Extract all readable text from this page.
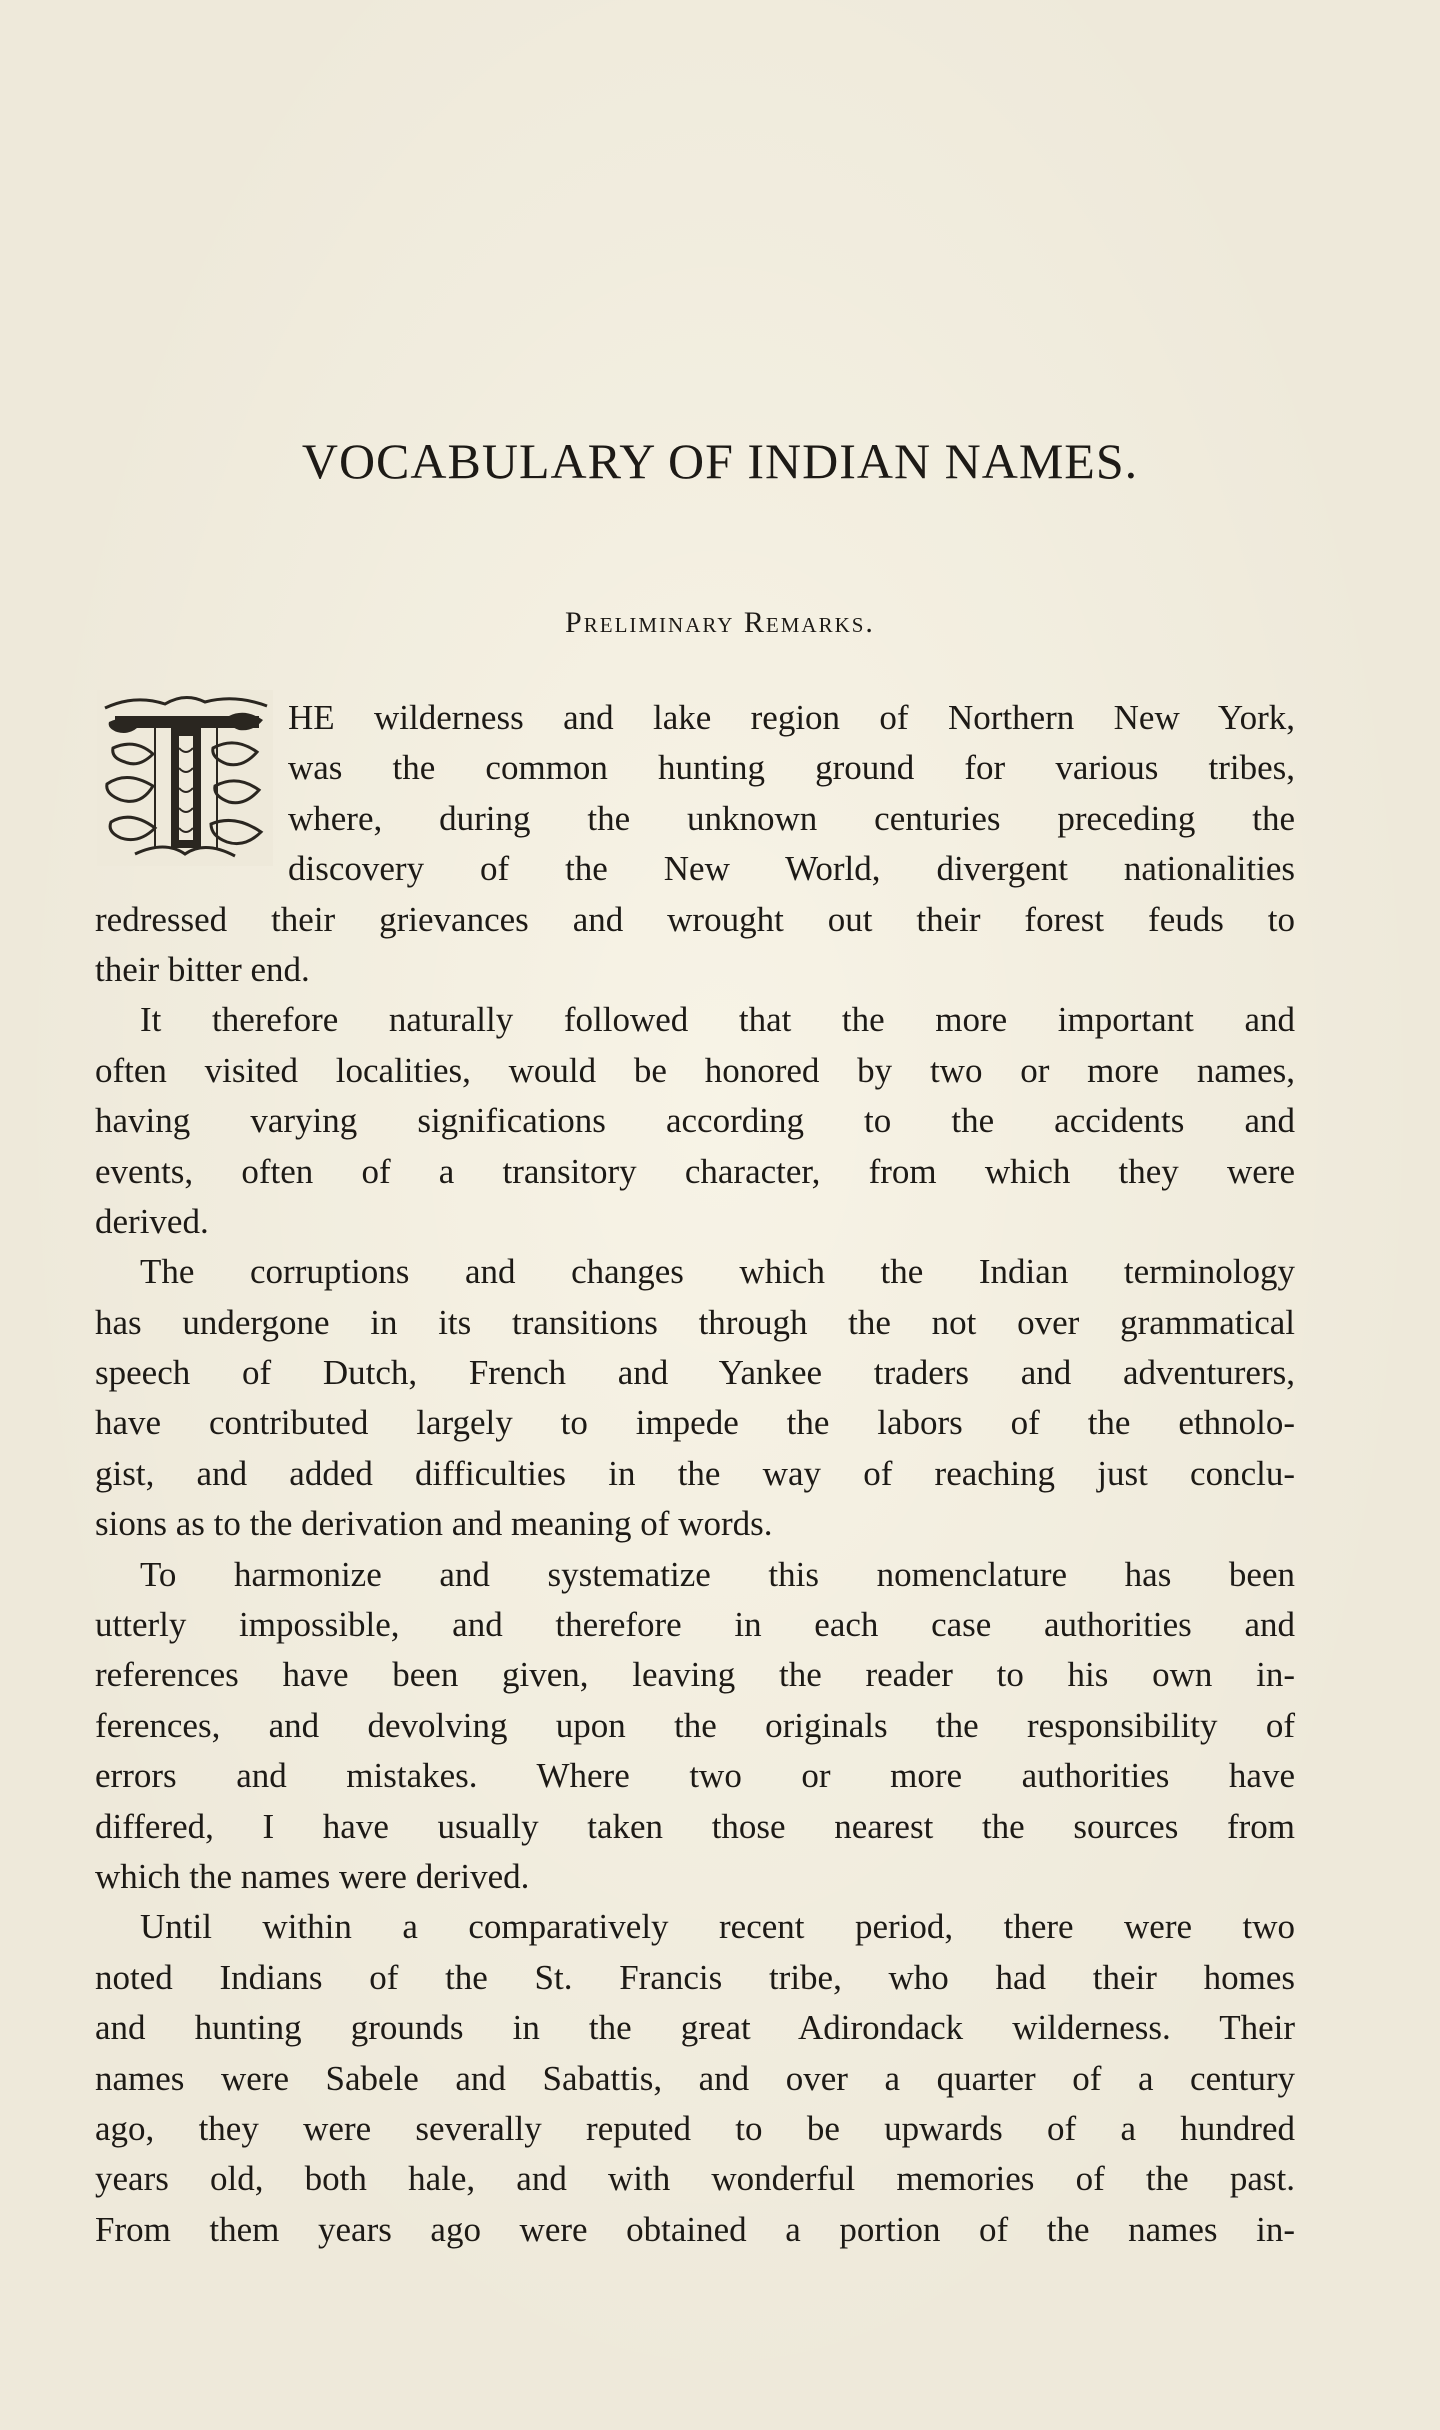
VOCABULARY OF INDIAN NAMES.
Preliminary Remarks.
HE wilderness and lake region of Northern New York,
was the common hunting ground for various tribes,
where, during the unknown centuries preceding the
discovery of the New World, divergent nationalities
redressed their grievances and wrought out their forest feuds to
their bitter end.
It therefore naturally followed that the more important and
often visited localities, would be honored by two or more names,
having varying significations according to the accidents and
events, often of a transitory character, from which they were
derived.
The corruptions and changes which the Indian terminology
has undergone in its transitions through the not over grammatical
speech of Dutch, French and Yankee traders and adventurers,
have contributed largely to impede the labors of the ethnolo-
gist, and added difficulties in the way of reaching just conclu-
sions as to the derivation and meaning of words.
To harmonize and systematize this nomenclature has been
utterly impossible, and therefore in each case authorities and
references have been given, leaving the reader to his own in-
ferences, and devolving upon the originals the responsibility of
errors and mistakes. Where two or more authorities have
differed, I have usually taken those nearest the sources from
which the names were derived.
Until within a comparatively recent period, there were two
noted Indians of the St. Francis tribe, who had their homes
and hunting grounds in the great Adirondack wilderness. Their
names were Sabele and Sabattis, and over a quarter of a century
ago, they were severally reputed to be upwards of a hundred
years old, both hale, and with wonderful memories of the past.
From them years ago were obtained a portion of the names in-
